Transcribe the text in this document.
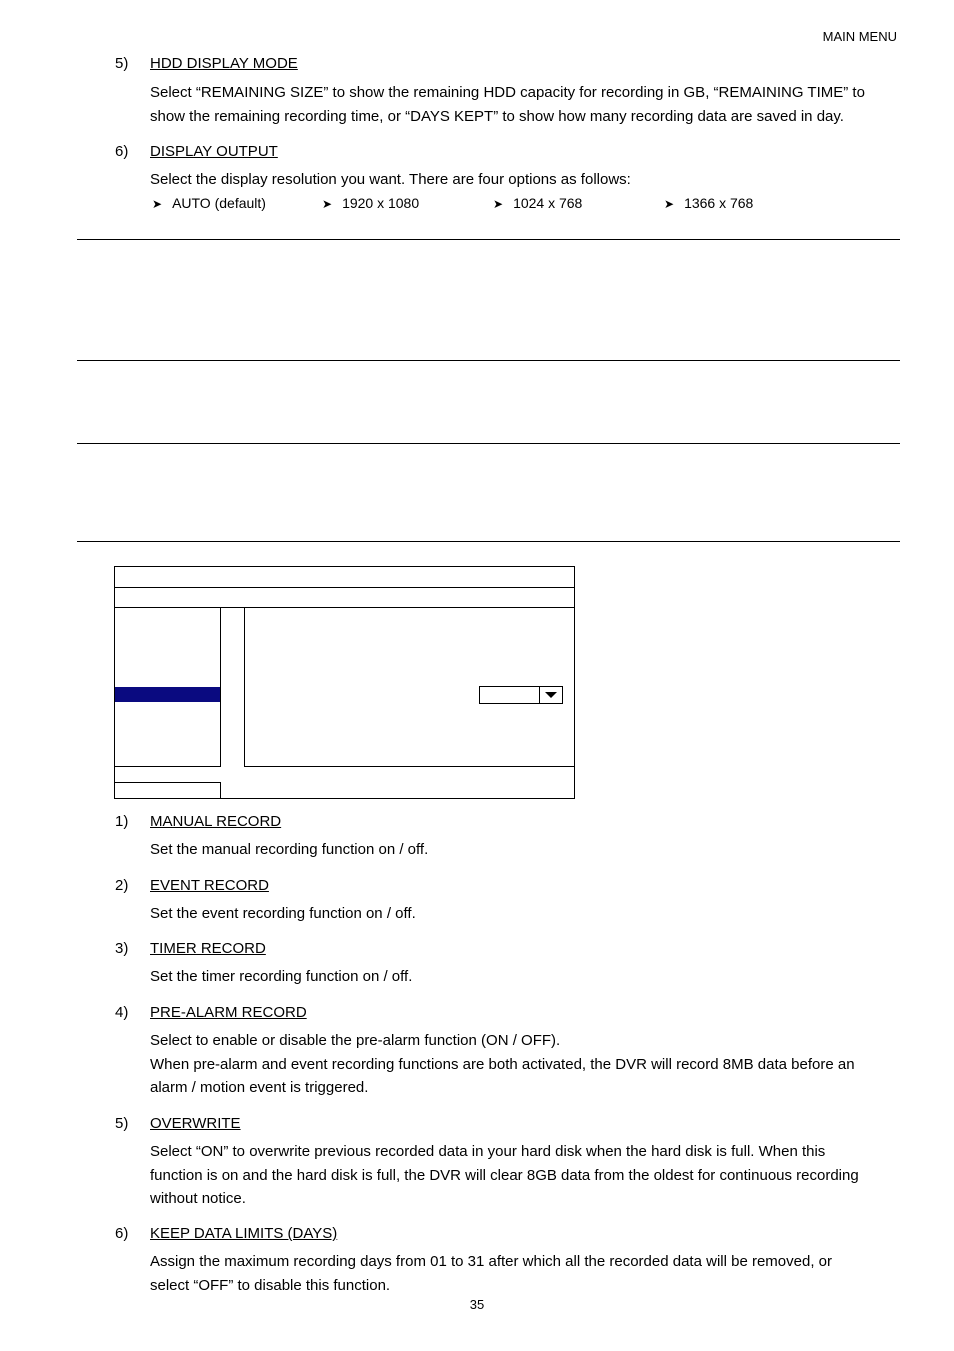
MAIN MENU
5) HDD DISPLAY MODE
Select “REMAINING SIZE” to show the remaining HDD capacity for recording in GB, “REMAINING TIME” to
show the remaining recording time, or “DAYS KEPT” to show how many recording data are saved in day.
6) DISPLAY OUTPUT
Select the display resolution you want. There are four options as follows:
➤ AUTO (default)	➤ 1920 x 1080	➤ 1024 x 768	➤ 1366 x 768
1) MANUAL RECORD
Set the manual recording function on / off.
2) EVENT RECORD
Set the event recording function on / off.
3) TIMER RECORD
Set the timer recording function on / off.
4) PRE-ALARM RECORD
Select to enable or disable the pre-alarm function (ON / OFF).
When pre-alarm and event recording functions are both activated, the DVR will record 8MB data before an
alarm / motion event is triggered.
5) OVERWRITE
Select “ON” to overwrite previous recorded data in your hard disk when the hard disk is full. When this
function is on and the hard disk is full, the DVR will clear 8GB data from the oldest for continuous recording
without notice.
6) KEEP DATA LIMITS (DAYS)
Assign the maximum recording days from 01 to 31 after which all the recorded data will be removed, or
select “OFF” to disable this function.
35
